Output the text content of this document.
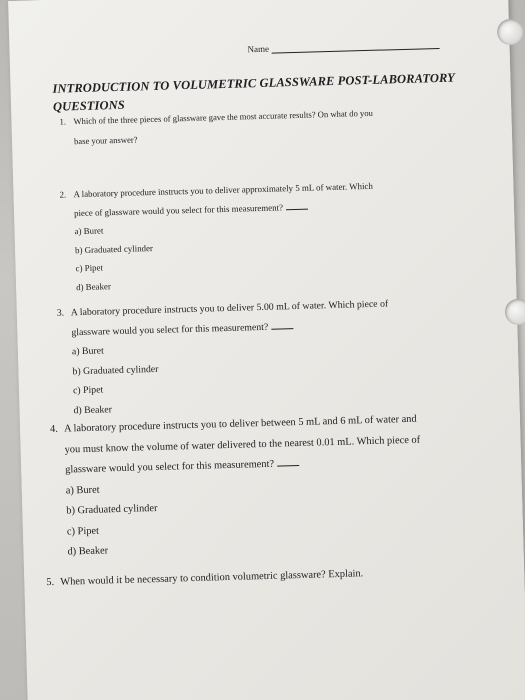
Name
INTRODUCTION TO VOLUMETRIC GLASSWARE POST-LABORATORY
QUESTIONS
1. Which of the three pieces of glassware gave the most accurate results? On what do you
base your answer?
2. A laboratory procedure instructs you to deliver approximately 5 mL of water. Which
piece of glassware would you select for this measurement?
a) Buret
b) Graduated cylinder
c) Pipet
d) Beaker
3. A laboratory procedure instructs you to deliver 5.00 mL of water. Which piece of
glassware would you select for this measurement?
a) Buret
b) Graduated cylinder
c) Pipet
d) Beaker
4. A laboratory procedure instructs you to deliver between 5 mL and 6 mL of water and
you must know the volume of water delivered to the nearest 0.01 mL. Which piece of
glassware would you select for this measurement?
a) Buret
b) Graduated cylinder
c) Pipet
d) Beaker
5. When would it be necessary to condition volumetric glassware? Explain.
